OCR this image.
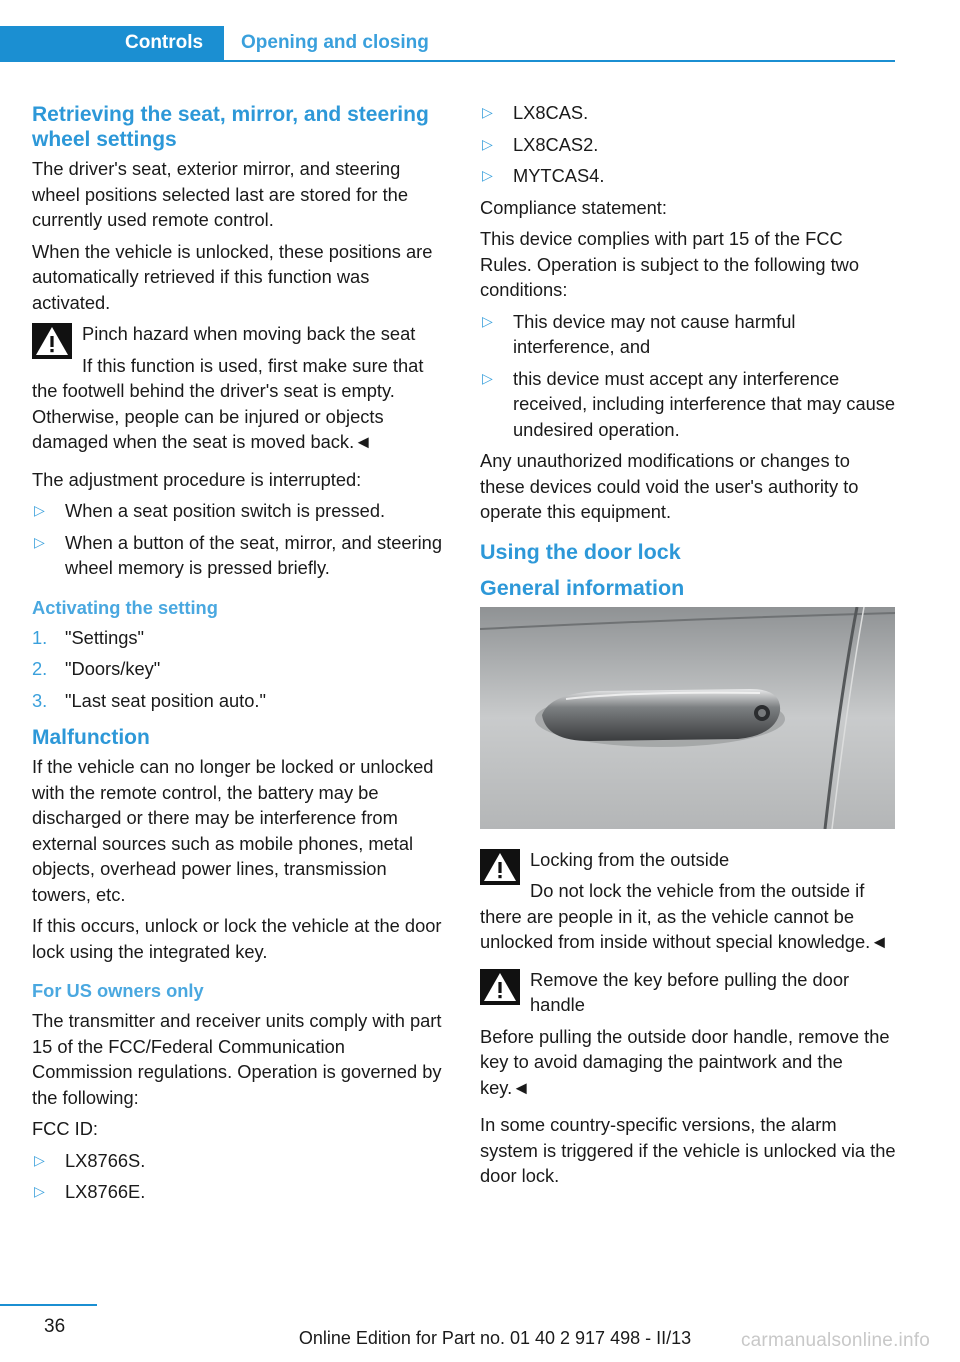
Controls Opening and closing
Retrieving the seat, mirror, and steering wheel settings

The driver's seat, exterior mirror, and steering wheel positions selected last are stored for the currently used remote control.

When the vehicle is unlocked, these positions are automatically retrieved if this function was activated.

Pinch hazard when moving back the seat
If this function is used, first make sure that the footwell behind the driver's seat is empty. Otherwise, people can be injured or objects damaged when the seat is moved back.◄

The adjustment procedure is interrupted:

▷ When a seat position switch is pressed.
▷ When a button of the seat, mirror, and steering wheel memory is pressed briefly.
Activating the setting
1. "Settings"
2. "Doors/key"
3. "Last seat position auto."
Malfunction

If the vehicle can no longer be locked or unlocked with the remote control, the battery may be discharged or there may be interference from external sources such as mobile phones, metal objects, overhead power lines, transmission towers, etc.

If this occurs, unlock or lock the vehicle at the door lock using the integrated key.

For US owners only

The transmitter and receiver units comply with part 15 of the FCC/Federal Communication Commission regulations. Operation is governed by the following:

FCC ID:

▷ LX8766S.
▷ LX8766E.
▷ LX8CAS.
▷ LX8CAS2.
▷ MYTCAS4.

Compliance statement:

This device complies with part 15 of the FCC Rules. Operation is subject to the following two conditions:

▷ This device may not cause harmful interference, and
▷ this device must accept any interference received, including interference that may cause undesired operation.

Any unauthorized modifications or changes to these devices could void the user's authority to operate this equipment.

Using the door lock
General information
Locking from the outside
Do not lock the vehicle from the outside if there are people in it, as the vehicle cannot be unlocked from inside without special knowledge.◄
Remove the key before pulling the door handle
Before pulling the outside door handle, remove the key to avoid damaging the paintwork and the key.◄

In some country-specific versions, the alarm system is triggered if the vehicle is unlocked via the door lock.

36
Online Edition for Part no. 01 40 2 917 498 - II/13	carmanualsonline.info
